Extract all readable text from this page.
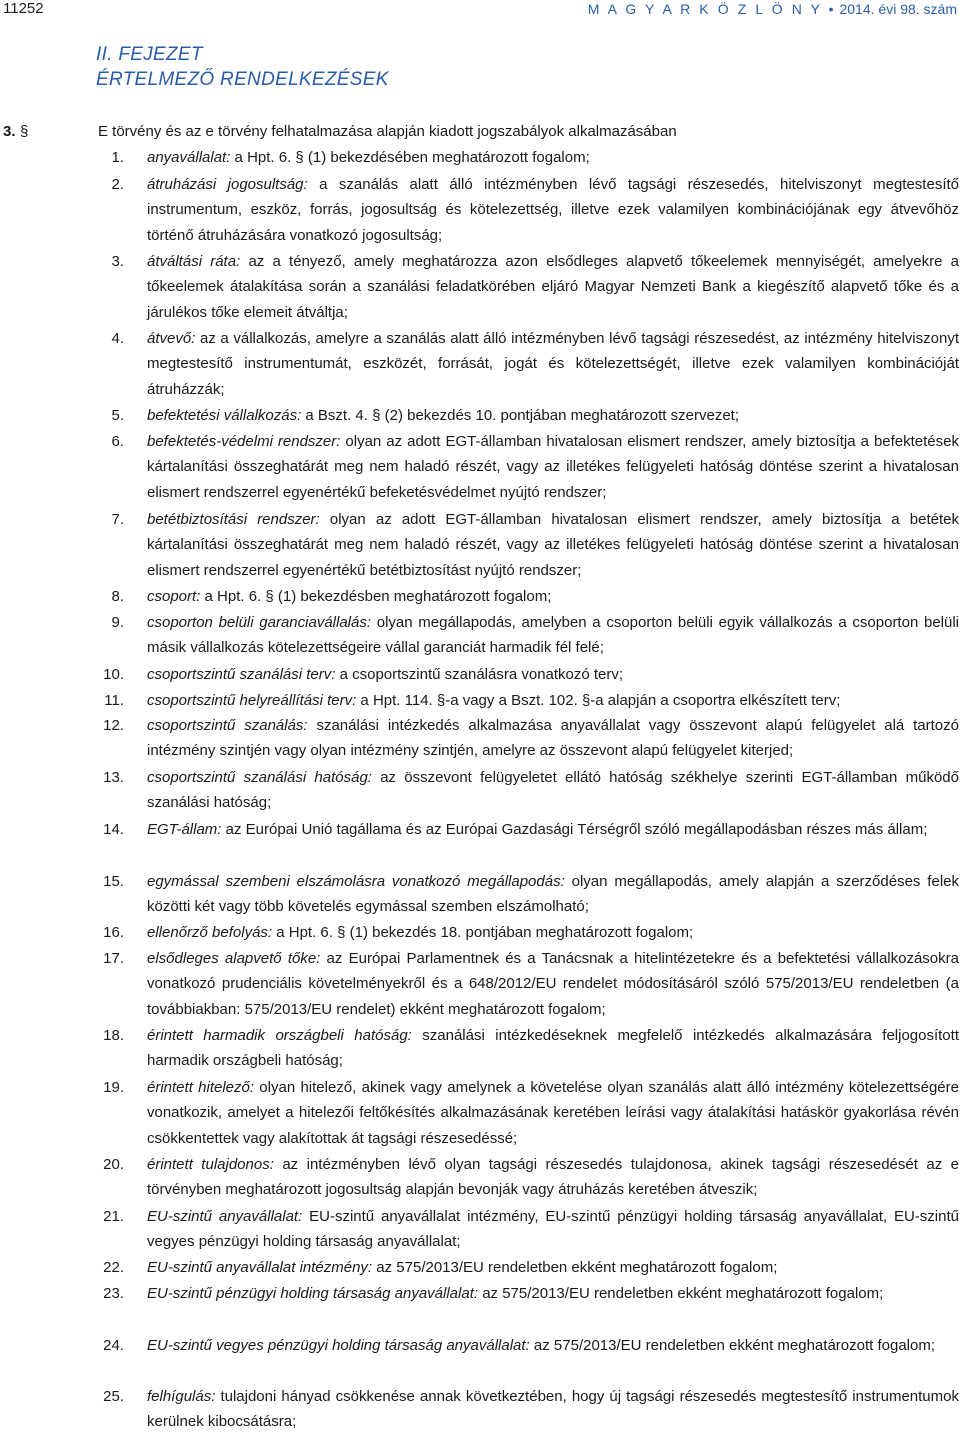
11252	M A G Y A R K Ö Z L Ö N Y • 2014. évi 98. szám
II. FEJEZET
ÉRTELMEZŐ RENDELKEZÉSEK
3. §	E törvény és az e törvény felhatalmazása alapján kiadott jogszabályok alkalmazásában
1. anyavállalat: a Hpt. 6. § (1) bekezdésében meghatározott fogalom;
2. átruházási jogosultság: a szanálás alatt álló intézményben lévő tagsági részesedés, hitelviszonyt megtestesítő instrumentum, eszköz, forrás, jogosultság és kötelezettség, illetve ezek valamilyen kombinációjának egy átvevőhöz történő átruházására vonatkozó jogosultság;
3. átváltási ráta: az a tényező, amely meghatározza azon elsődleges alapvető tőkeelemek mennyiségét, amelyekre a tőkeelemek átalakítása során a szanálási feladatkörében eljáró Magyar Nemzeti Bank a kiegészítő alapvető tőke és a járulékos tőke elemeit átváltja;
4. átvevő: az a vállalkozás, amelyre a szanálás alatt álló intézményben lévő tagsági részesedést, az intézmény hitelviszonyt megtestesítő instrumentumát, eszközét, forrását, jogát és kötelezettségét, illetve ezek valamilyen kombinációját átruházzák;
5. befektetési vállalkozás: a Bszt. 4. § (2) bekezdés 10. pontjában meghatározott szervezet;
6. befektetés-védelmi rendszer: olyan az adott EGT-államban hivatalosan elismert rendszer, amely biztosítja a befektetések kártalanítási összeghatárát meg nem haladó részét, vagy az illetékes felügyeleti hatóság döntése szerint a hivatalosan elismert rendszerrel egyenértékű befeketésvédelmet nyújtó rendszer;
7. betétbiztosítási rendszer: olyan az adott EGT-államban hivatalosan elismert rendszer, amely biztosítja a betétek kártalanítási összeghatárát meg nem haladó részét, vagy az illetékes felügyeleti hatóság döntése szerint a hivatalosan elismert rendszerrel egyenértékű betétbiztosítást nyújtó rendszer;
8. csoport: a Hpt. 6. § (1) bekezdésben meghatározott fogalom;
9. csoporton belüli garanciavállalás: olyan megállapodás, amelyben a csoporton belüli egyik vállalkozás a csoporton belüli másik vállalkozás kötelezettségeire vállal garanciát harmadik fél felé;
10. csoportszintű szanálási terv: a csoportszintű szanálásra vonatkozó terv;
11. csoportszintű helyreállítási terv: a Hpt. 114. §-a vagy a Bszt. 102. §-a alapján a csoportra elkészített terv;
12. csoportszintű szanálás: szanálási intézkedés alkalmazása anyavállalat vagy összevont alapú felügyelet alá tartozó intézmény szintjén vagy olyan intézmény szintjén, amelyre az összevont alapú felügyelet kiterjed;
13. csoportszintű szanálási hatóság: az összevont felügyeletet ellátó hatóság székhelye szerinti EGT-államban működő szanálási hatóság;
14. EGT-állam: az Európai Unió tagállama és az Európai Gazdasági Térségről szóló megállapodásban részes más állam;
15. egymással szembeni elszámolásra vonatkozó megállapodás: olyan megállapodás, amely alapján a szerződéses felek közötti két vagy több követelés egymással szemben elszámolható;
16. ellenőrző befolyás: a Hpt. 6. § (1) bekezdés 18. pontjában meghatározott fogalom;
17. elsődleges alapvető tőke: az Európai Parlamentnek és a Tanácsnak a hitelintézetekre és a befektetési vállalkozásokra vonatkozó prudenciális követelményekről és a 648/2012/EU rendelet módosításáról szóló 575/2013/EU rendeletben (a továbbiakban: 575/2013/EU rendelet) ekként meghatározott fogalom;
18. érintett harmadik országbeli hatóság: szanálási intézkedéseknek megfelelő intézkedés alkalmazására feljogosított harmadik országbeli hatóság;
19. érintett hitelező: olyan hitelező, akinek vagy amelynek a követelése olyan szanálás alatt álló intézmény kötelezettségére vonatkozik, amelyet a hitelezői feltőkésítés alkalmazásának keretében leírási vagy átalakítási hatáskör gyakorlása révén csökkentettek vagy alakítottak át tagsági részesedéssé;
20. érintett tulajdonos: az intézményben lévő olyan tagsági részesedés tulajdonosa, akinek tagsági részesedését az e törvényben meghatározott jogosultság alapján bevonják vagy átruházás keretében átveszik;
21. EU-szintű anyavállalat: EU-szintű anyavállalat intézmény, EU-szintű pénzügyi holding társaság anyavállalat, EU-szintű vegyes pénzügyi holding társaság anyavállalat;
22. EU-szintű anyavállalat intézmény: az 575/2013/EU rendeletben ekként meghatározott fogalom;
23. EU-szintű pénzügyi holding társaság anyavállalat: az 575/2013/EU rendeletben ekként meghatározott fogalom;
24. EU-szintű vegyes pénzügyi holding társaság anyavállalat: az 575/2013/EU rendeletben ekként meghatározott fogalom;
25. felhígulás: tulajdoni hányad csökkenése annak következtében, hogy új tagsági részesedés megtestesítő instrumentumok kerülnek kibocsátásra;
